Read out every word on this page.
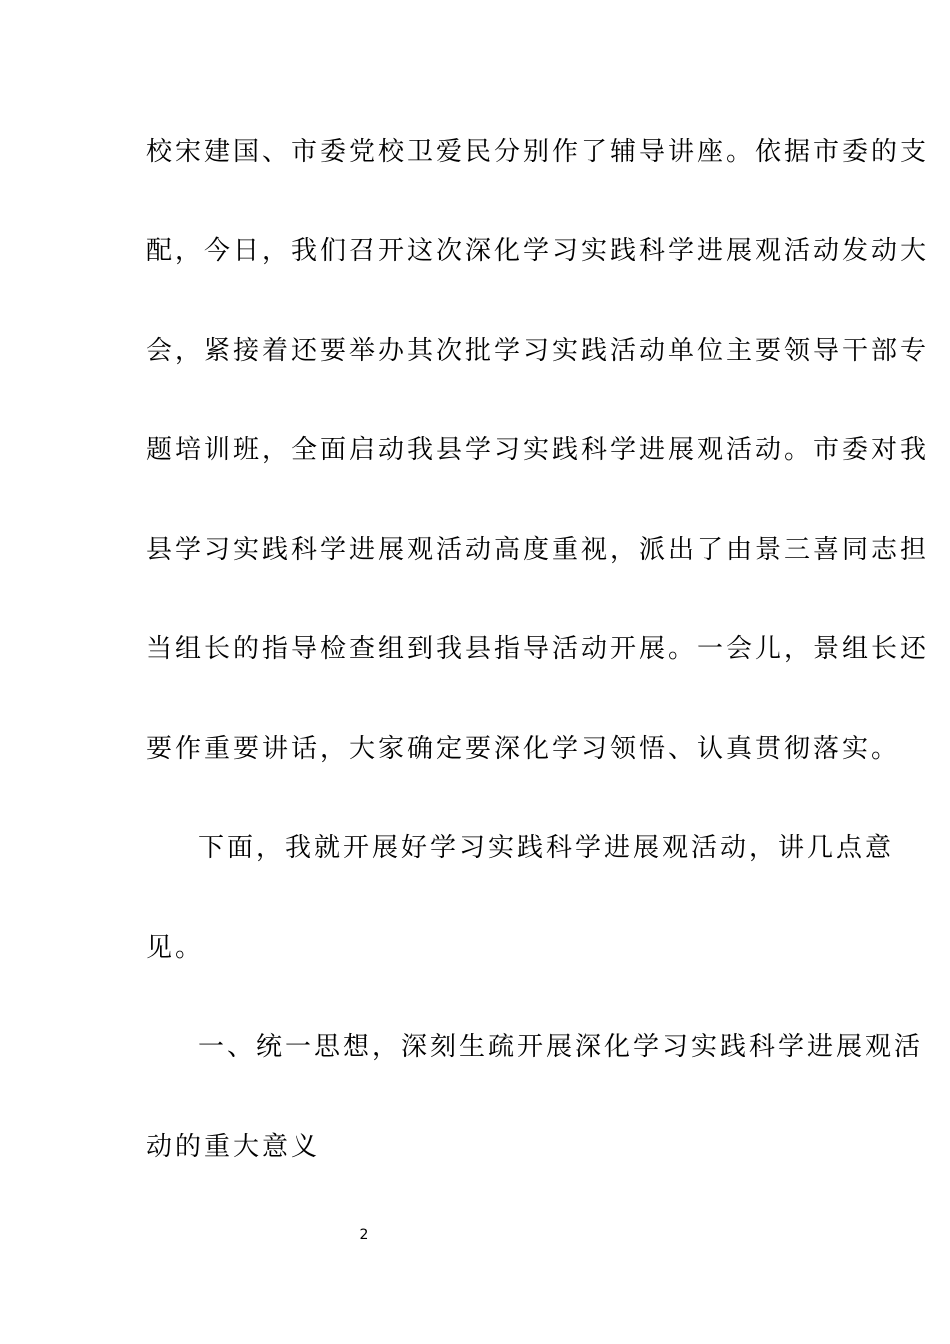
校宋建国、市委党校卫爱民分别作了辅导讲座。依据市委的支
配，今日，我们召开这次深化学习实践科学进展观活动发动大
会，紧接着还要举办其次批学习实践活动单位主要领导干部专
题培训班，全面启动我县学习实践科学进展观活动。市委对我
县学习实践科学进展观活动高度重视，派出了由景三喜同志担
当组长的指导检查组到我县指导活动开展。一会儿，景组长还
要作重要讲话，大家确定要深化学习领悟、认真贯彻落实。
下面，我就开展好学习实践科学进展观活动，讲几点意
见。
一、统一思想，深刻生疏开展深化学习实践科学进展观活
动的重大意义
2
